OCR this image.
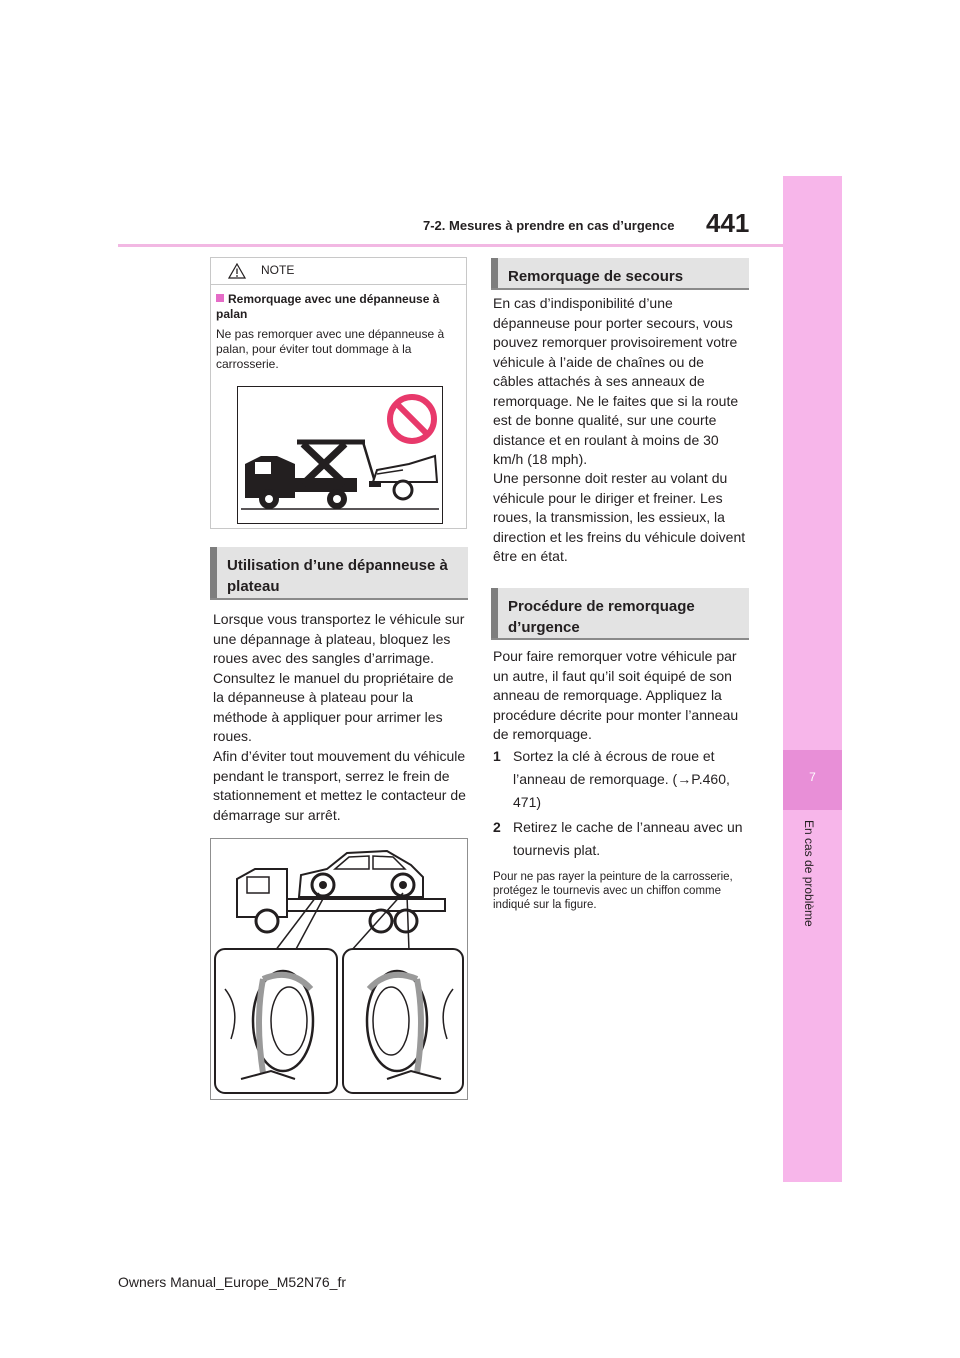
7-2. Mesures à prendre en cas d’urgence 441
7
En cas de problème
NOTE
Remorquage avec une dépanneuse à palan
Ne pas remorquer avec une dépanneuse à palan, pour éviter tout dommage à la carrosserie.
Utilisation d’une dépanneuse à plateau
Lorsque vous transportez le véhicule sur une dépannage à plateau, bloquez les roues avec des sangles d’arrimage. Consultez le manuel du propriétaire de la dépanneuse à plateau pour la méthode à appliquer pour arrimer les roues.
Afin d’éviter tout mouvement du véhicule pendant le transport, serrez le frein de stationnement et mettez le contacteur de démarrage sur arrêt.
Remorquage de secours
En cas d’indisponibilité d’une dépanneuse pour porter secours, vous pouvez remorquer provisoirement votre véhicule à l’aide de chaînes ou de câbles attachés à ses anneaux de remorquage. Ne le faites que si la route est de bonne qualité, sur une courte distance et en roulant à moins de 30 km/h (18 mph).
Une personne doit rester au volant du véhicule pour le diriger et freiner. Les roues, la transmission, les essieux, la direction et les freins du véhicule doivent être en état.
Procédure de remorquage d’urgence
Pour faire remorquer votre véhicule par un autre, il faut qu’il soit équipé de son anneau de remorquage. Appliquez la procédure décrite pour monter l’anneau de remorquage.
1 Sortez la clé à écrous de roue et l’anneau de remorquage. (→P.460, 471)
2 Retirez le cache de l’anneau avec un tournevis plat.
Pour ne pas rayer la peinture de la carrosserie, protégez le tournevis avec un chiffon comme indiqué sur la figure.
Owners Manual_Europe_M52N76_fr
